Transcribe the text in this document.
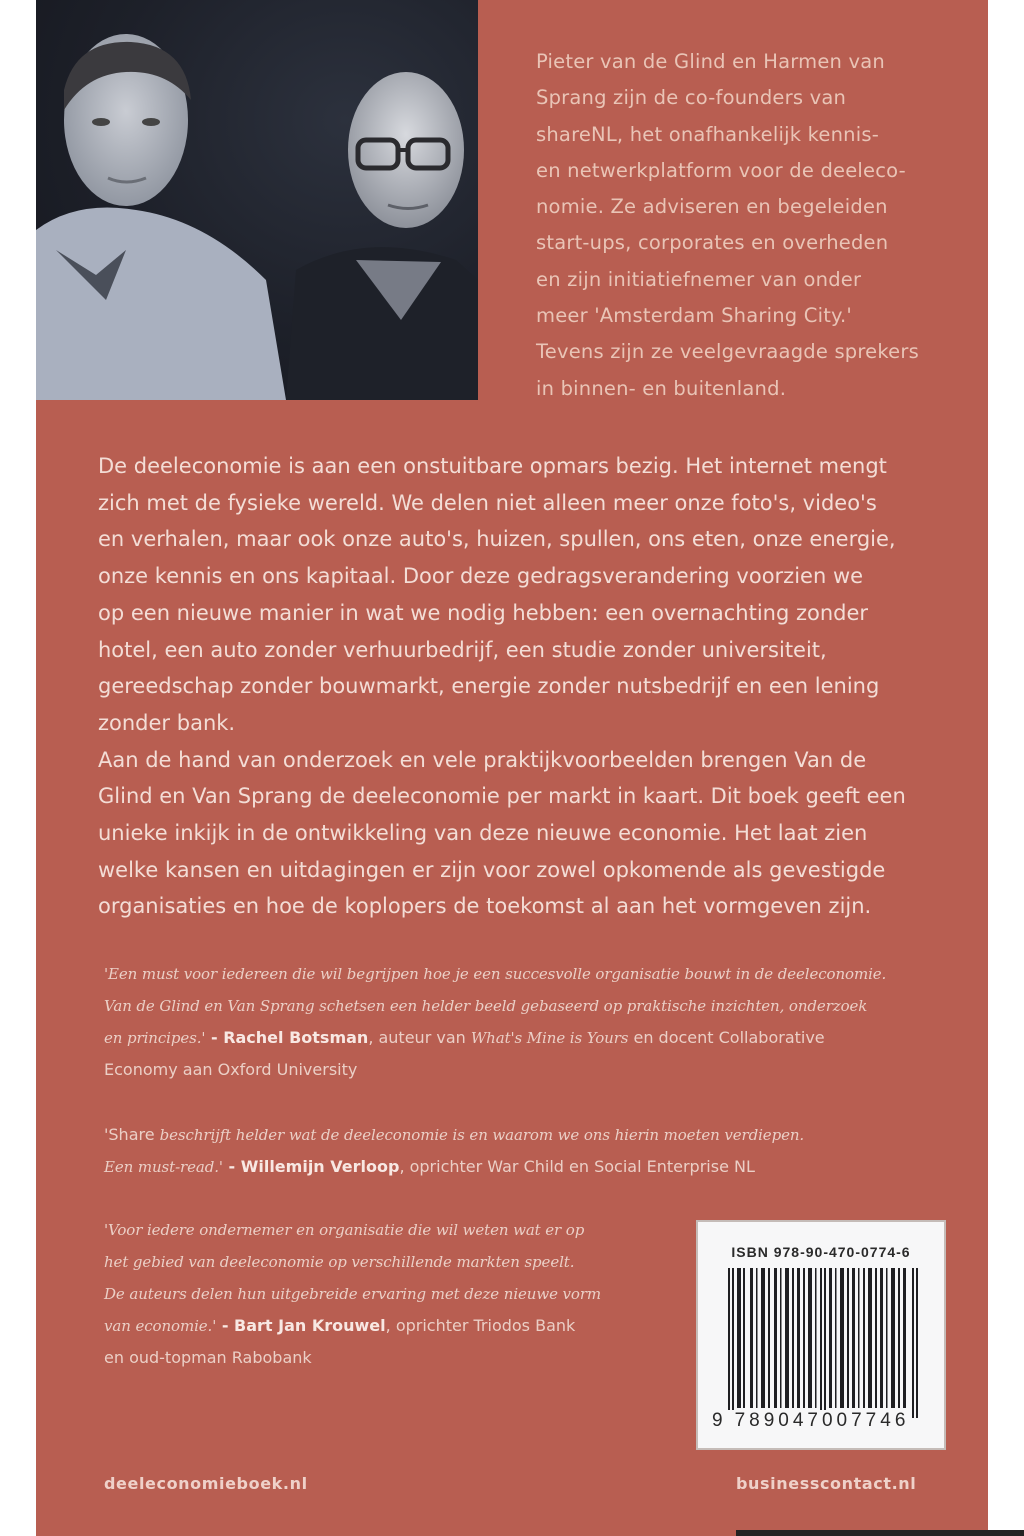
Pieter van de Glind en Harmen van
Sprang zijn de co-founders van
shareNL, het onafhankelijk kennis-
en netwerkplatform voor de deeleco-
nomie. Ze adviseren en begeleiden
start-ups, corporates en overheden
en zijn initiatiefnemer van onder
meer 'Amsterdam Sharing City.'
Tevens zijn ze veelgevraagde sprekers
in binnen- en buitenland.
De deeleconomie is aan een onstuitbare opmars bezig. Het internet mengt
zich met de fysieke wereld. We delen niet alleen meer onze foto's, video's
en verhalen, maar ook onze auto's, huizen, spullen, ons eten, onze energie,
onze kennis en ons kapitaal. Door deze gedragsverandering voorzien we
op een nieuwe manier in wat we nodig hebben: een overnachting zonder
hotel, een auto zonder verhuurbedrijf, een studie zonder universiteit,
gereedschap zonder bouwmarkt, energie zonder nutsbedrijf en een lening
zonder bank.
Aan de hand van onderzoek en vele praktijkvoorbeelden brengen Van de
Glind en Van Sprang de deeleconomie per markt in kaart. Dit boek geeft een
unieke inkijk in de ontwikkeling van deze nieuwe economie. Het laat zien
welke kansen en uitdagingen er zijn voor zowel opkomende als gevestigde
organisaties en hoe de koplopers de toekomst al aan het vormgeven zijn.
'Een must voor iedereen die wil begrijpen hoe je een succesvolle organisatie bouwt in de deeleconomie.
Van de Glind en Van Sprang schetsen een helder beeld gebaseerd op praktische inzichten, onderzoek
en principes.' - Rachel Botsman, auteur van What's Mine is Yours en docent Collaborative
Economy aan Oxford University
'Share beschrijft helder wat de deeleconomie is en waarom we ons hierin moeten verdiepen.
Een must-read.' - Willemijn Verloop, oprichter War Child en Social Enterprise NL
'Voor iedere ondernemer en organisatie die wil weten wat er op
het gebied van deeleconomie op verschillende markten speelt.
De auteurs delen hun uitgebreide ervaring met deze nieuwe vorm
van economie.' - Bart Jan Krouwel, oprichter Triodos Bank
en oud-topman Rabobank
ISBN 978-90-470-0774-6
9 789047007746
deeleconomieboek.nl	businesscontact.nl
